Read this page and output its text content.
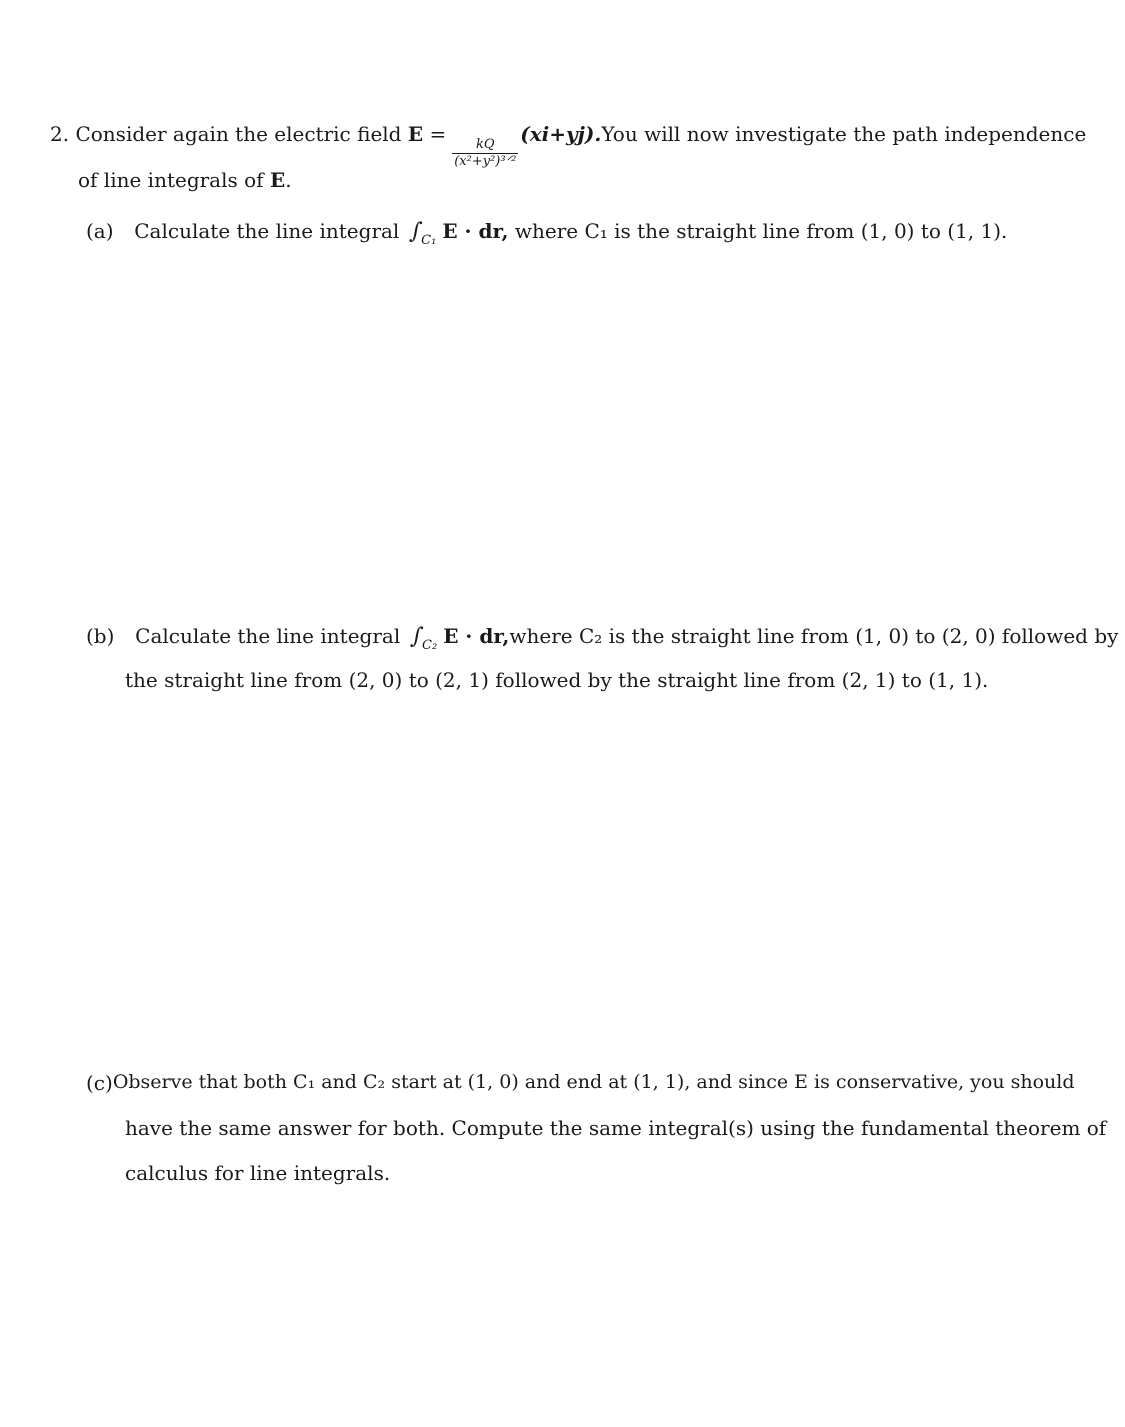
2. Consider again the electric field E =
$\frac{kQ}{\text{(x²+y²)³ᐟ²}}$
(xi+yj). You will now investigate the path independence
of line integrals of E.
(a) Calculate the line integral $\int_{C_1}$ E · dr, where C₁ is the straight line from (1, 0) to (1, 1).
(b) Calculate the line integral $\int_{C_2}$ E · dr, where C₂ is the straight line from (1, 0) to (2, 0) followed by
the straight line from (2, 0) to (2, 1) followed by the straight line from (2, 1) to (1, 1).
(c) Observe that both C₁ and C₂ start at (1, 0) and end at (1, 1), and since E is conservative, you should
have the same answer for both. Compute the same integral(s) using the fundamental theorem of
calculus for line integrals.
